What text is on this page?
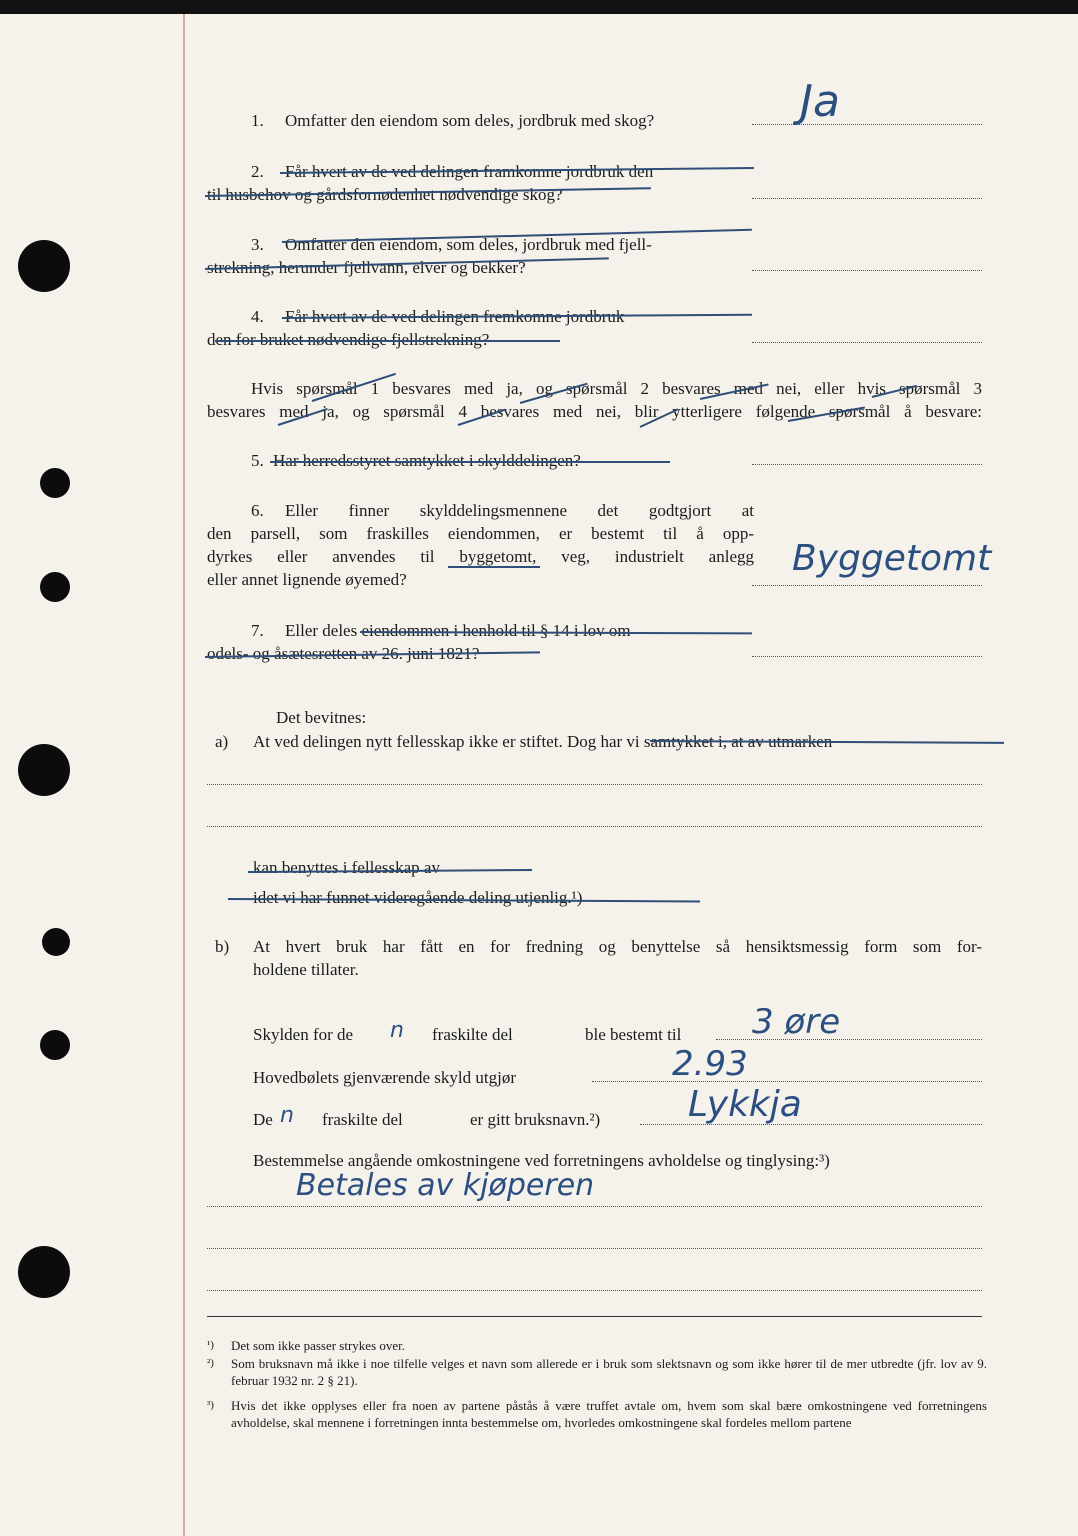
1. Omfatter den eiendom som deles, jordbruk med skog?	Ja
2. Får hvert av de ved delingen framkomne jordbruk den
til husbehov og gårdsfornødenhet nødvendige skog?
3. Omfatter den eiendom, som deles, jordbruk med fjell-
strekning, herunder fjellvann, elver og bekker?
4. Får hvert av de ved delingen fremkomne jordbruk
den for bruket nødvendige fjellstrekning?
Hvis spørsmål 1 besvares med ja, og spørsmål 2 besvares med nei, eller hvis spørsmål 3
besvares med ja, og spørsmål 4 besvares med nei, blir ytterligere følgende spørsmål å besvare:
5. Har herredsstyret samtykket i skylddelingen?
6. Eller finner skylddelingsmennene det godtgjort at
den parsell, som fraskilles eiendommen, er bestemt til å opp-
dyrkes eller anvendes til byggetomt, veg, industrielt anlegg
eller annet lignende øyemed?
Byggetomt
7. Eller deles eiendommen i henhold til § 14 i lov om
odels- og åsætesretten av 26. juni 1821?
Det bevitnes:
a) At ved delingen nytt fellesskap ikke er stiftet. Dog har vi samtykket i, at av utmarken
kan benyttes i fellesskap av
idet vi har funnet videregående deling utjenlig.¹)
b) At hvert bruk har fått en for fredning og benyttelse så hensiktsmessig form som for-
holdene tillater.
Skylden for de n fraskilte del	ble bestemt til 3 øre
Hovedbølets gjenværende skyld utgjør	2.93
De n fraskilte del	er gitt bruksnavn.²) Lykkja
Bestemmelse angående omkostningene ved forretningens avholdelse og tinglysing:³)
Betales av kjøperen
¹) Det som ikke passer strykes over.
²) Som bruksnavn må ikke i noe tilfelle velges et navn som allerede er i bruk som slektsnavn og som ikke hører til de mer utbredte (jfr. lov av 9. februar 1932 nr. 2 § 21).
³) Hvis det ikke opplyses eller fra noen av partene påstås å være truffet avtale om, hvem som skal bære omkostningene ved forretningens avholdelse, skal mennene i forretningen innta bestemmelse om, hvorledes omkostningene skal fordeles mellom partene
